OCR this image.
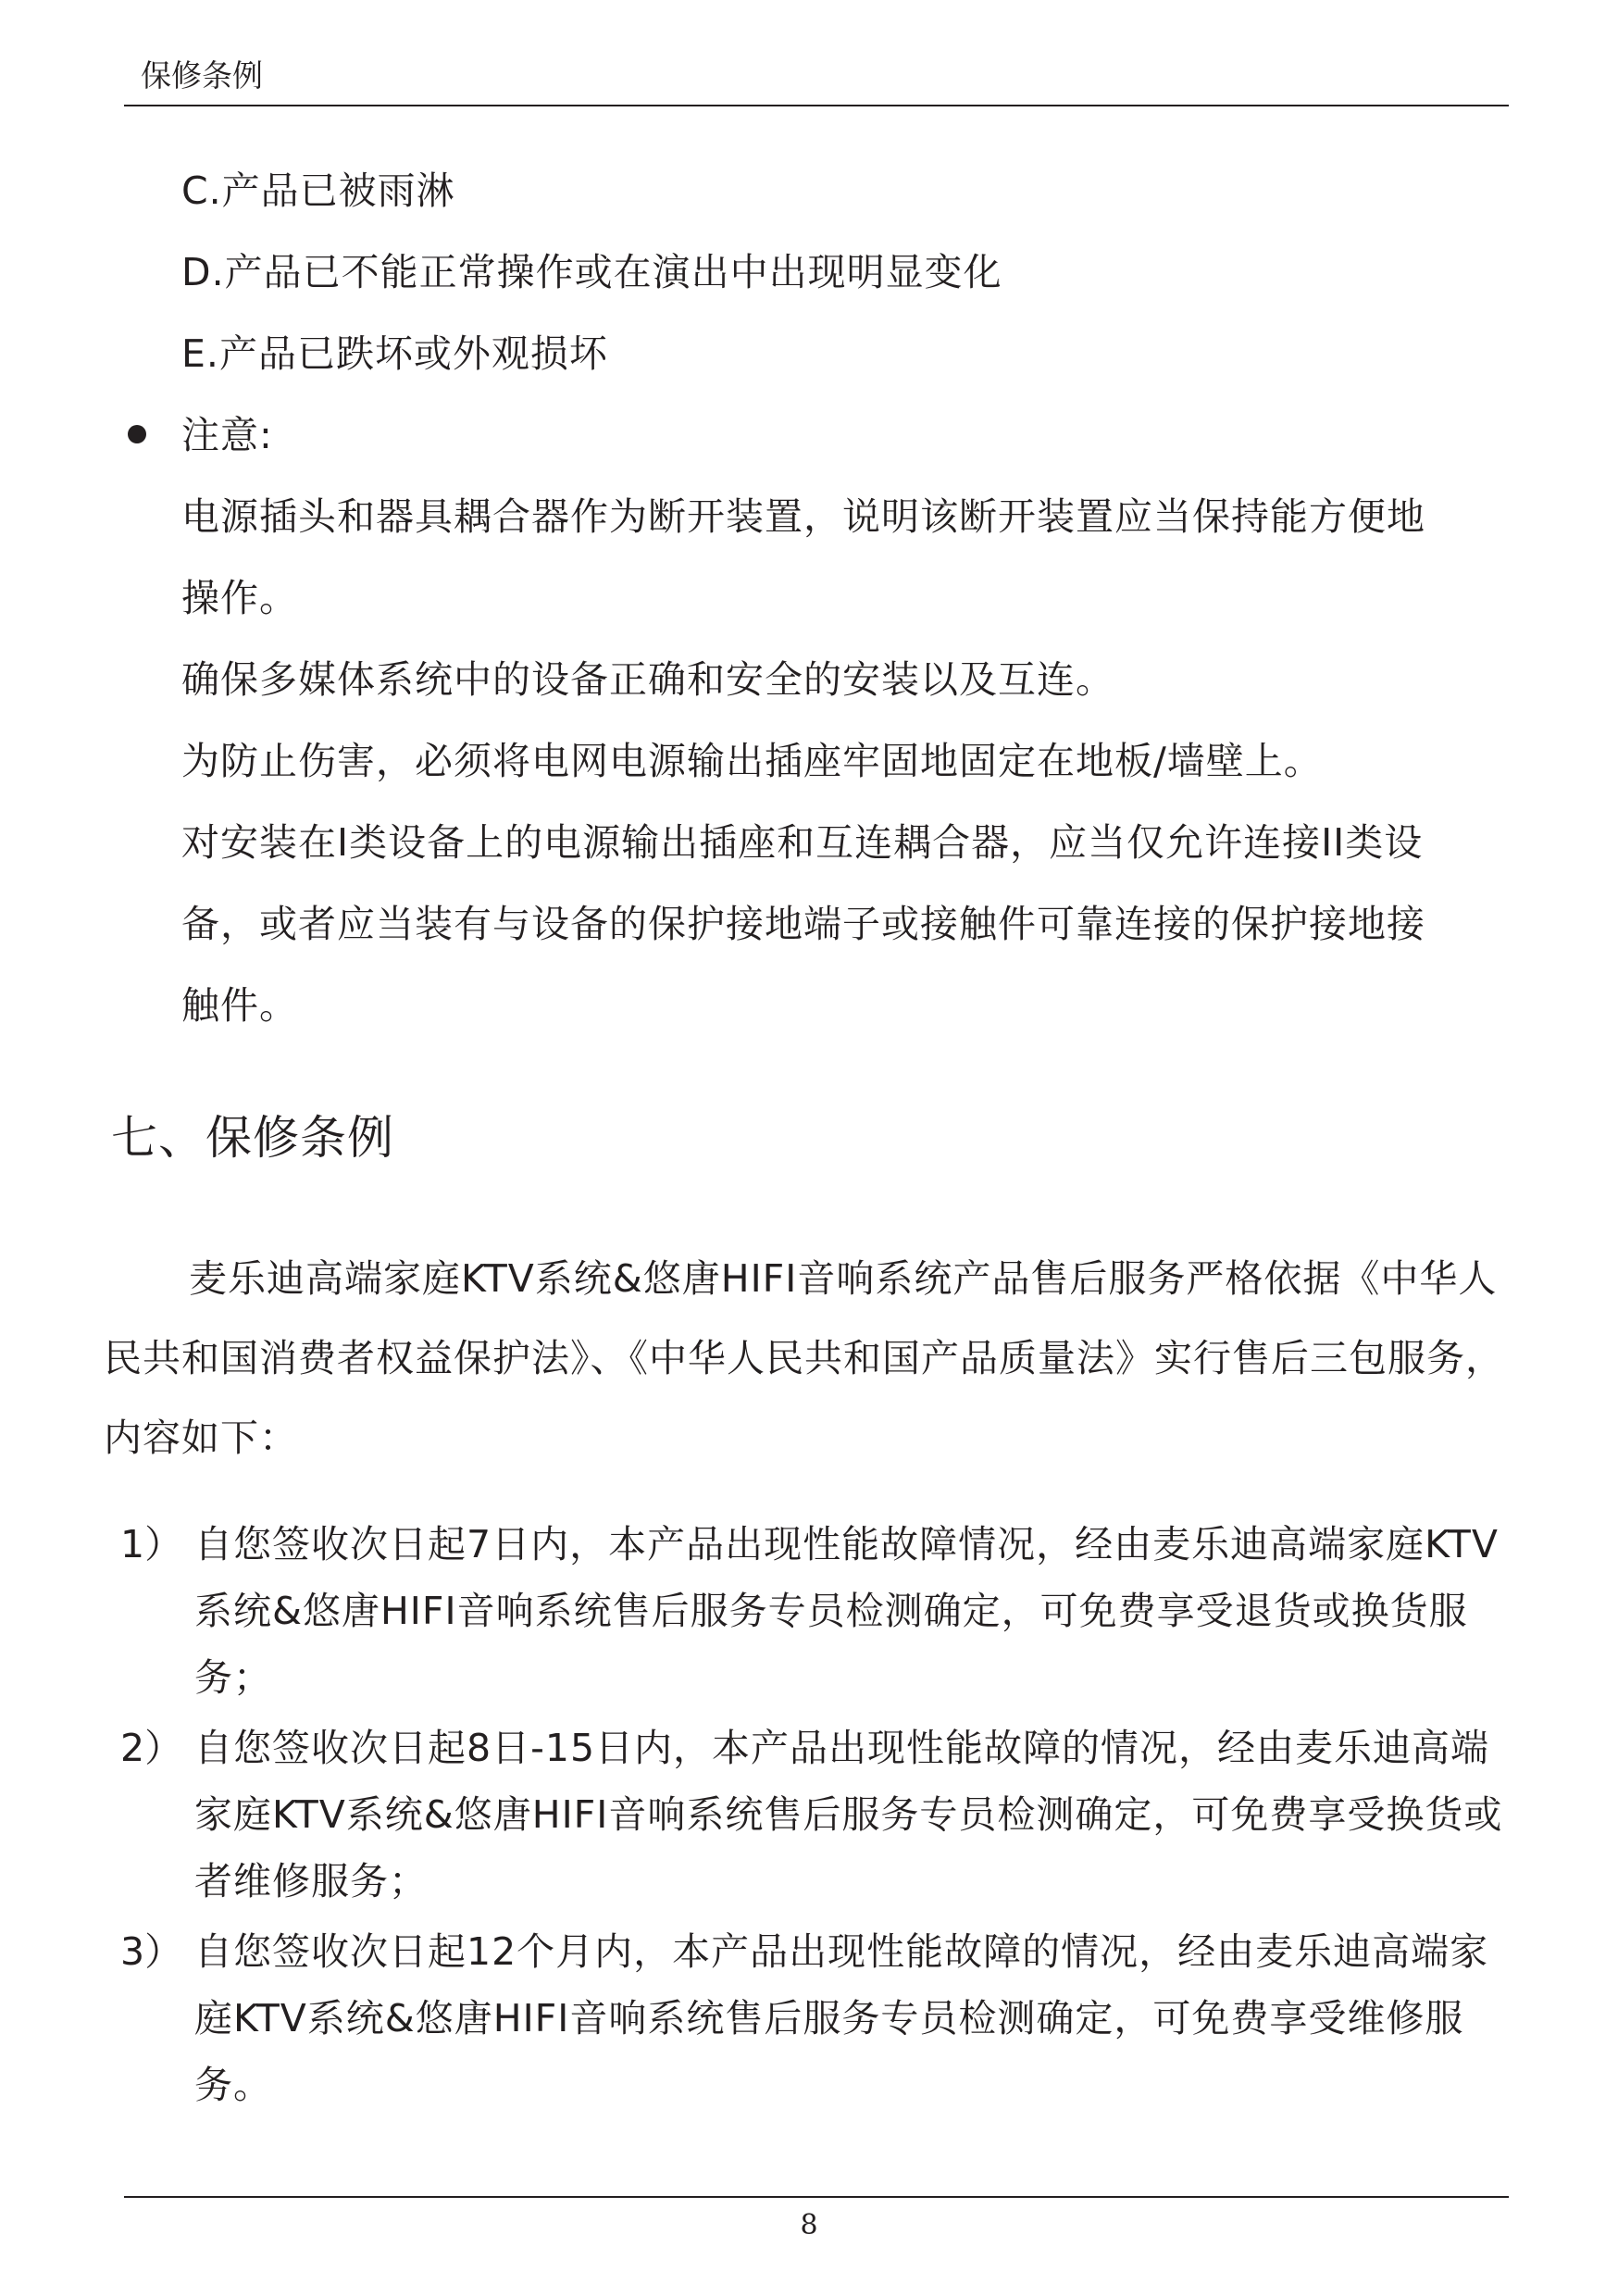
保修条例
C.产品已被雨淋
D.产品已不能正常操作或在演出中出现明显变化
E.产品已跌坏或外观损坏
注意:
电源插头和器具耦合器作为断开装置，说明该断开装置应当保持能方便地
操作。
确保多媒体系统中的设备正确和安全的安装以及互连。
为防止伤害，必须将电网电源输出插座牢固地固定在地板/墙壁上。
对安装在I类设备上的电源输出插座和互连耦合器，应当仅允许连接II类设
备，或者应当装有与设备的保护接地端子或接触件可靠连接的保护接地接
触件。
七、保修条例

麦乐迪高端家庭KTV系统&悠唐HIFI音响系统产品售后服务严格依据《中华人民共和国消费者权益保护法》、《中华人民共和国产品质量法》实行售后三包服务，内容如下：

1） 自您签收次日起7日内，本产品出现性能故障情况，经由麦乐迪高端家庭KTV系统&悠唐HIFI音响系统售后服务专员检测确定，可免费享受退货或换货服务；

2） 自您签收次日起8日-15日内，本产品出现性能故障的情况，经由麦乐迪高端家庭KTV系统&悠唐HIFI音响系统售后服务专员检测确定，可免费享受换货或者维修服务；

3） 自您签收次日起12个月内，本产品出现性能故障的情况，经由麦乐迪高端家庭KTV系统&悠唐HIFI音响系统售后服务专员检测确定，可免费享受维修服务。

8
